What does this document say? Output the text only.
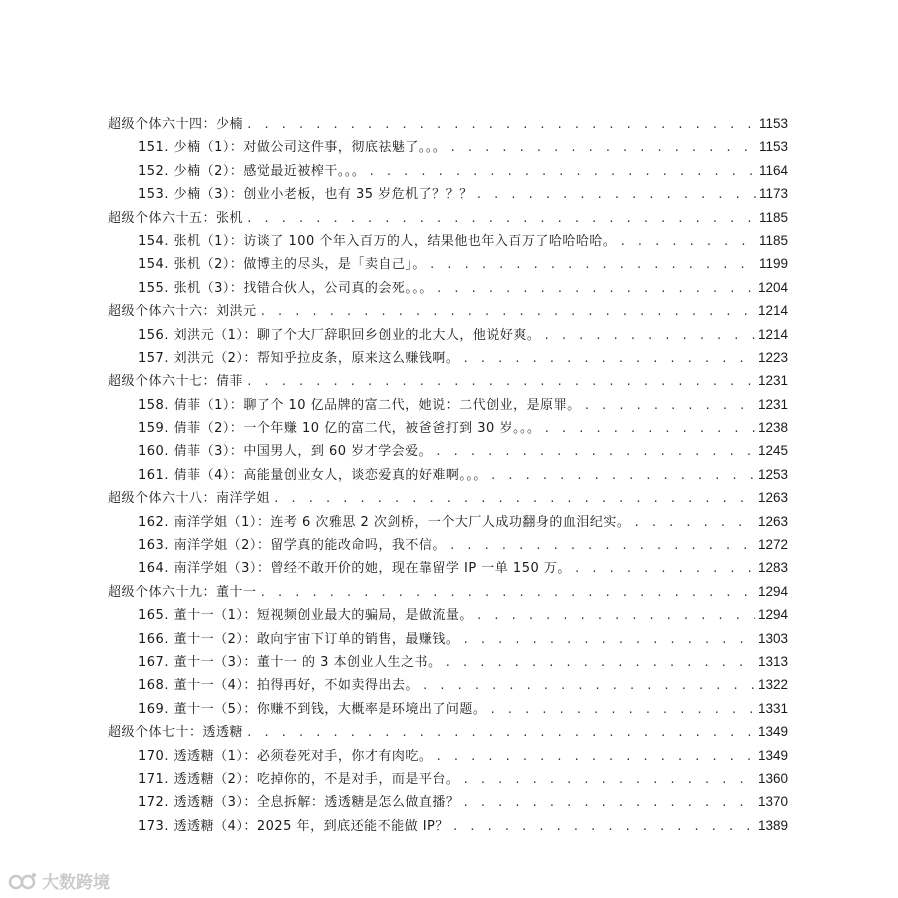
超级个体六十四：少楠 . . .	1153
151. 少楠（1）：对做公司这件事，彻底祛魅了。。。 . . .	1153
152. 少楠（2）：感觉最近被榨干。。。 . . .	1164
153. 少楠（3）：创业小老板，也有 35 岁危机了？？？ . . .	1173
超级个体六十五：张机 . . .	1185
154. 张机（1）：访谈了 100 个年入百万的人，结果他也年入百万了哈哈哈哈。 . . .	1185
154. 张机（2）：做博主的尽头，是「卖自己」。 . . .	1199
155. 张机（3）：找错合伙人，公司真的会死。。。 . . .	1204
超级个体六十六：刘洪元 . . .	1214
156. 刘洪元（1）：聊了个大厂辞职回乡创业的北大人，他说好爽。 . . .	1214
157. 刘洪元（2）：帮知乎拉皮条，原来这么赚钱啊。 . . .	1223
超级个体六十七：倩菲 . . .	1231
158. 倩菲（1）：聊了个 10 亿品牌的富二代，她说：二代创业，是原罪。 . . .	1231
159. 倩菲（2）：一个年赚 10 亿的富二代，被爸爸打到 30 岁。。。 . . .	1238
160. 倩菲（3）：中国男人，到 60 岁才学会爱。 . . .	1245
161. 倩菲（4）：高能量创业女人，谈恋爱真的好难啊。。。 . . .	1253
超级个体六十八：南洋学姐 . . .	1263
162. 南洋学姐（1）：连考 6 次雅思 2 次剑桥，一个大厂人成功翻身的血泪纪实。 . . .	1263
163. 南洋学姐（2）：留学真的能改命吗，我不信。 . . .	1272
164. 南洋学姐（3）：曾经不敢开价的她，现在靠留学 IP 一单 150 万。 . . .	1283
超级个体六十九：董十一 . . .	1294
165. 董十一（1）：短视频创业最大的骗局，是做流量。 . . .	1294
166. 董十一（2）：敢向宇宙下订单的销售，最赚钱。 . . .	1303
167. 董十一（3）：董十一 的 3 本创业人生之书。 . . .	1313
168. 董十一（4）：拍得再好，不如卖得出去。 . . .	1322
169. 董十一（5）：你赚不到钱，大概率是环境出了问题。 . . .	1331
超级个体七十：透透糖 . . .	1349
170. 透透糖（1）：必须卷死对手，你才有肉吃。 . . .	1349
171. 透透糖（2）：吃掉你的，不是对手，而是平台。 . . .	1360
172. 透透糖（3）：全息拆解：透透糖是怎么做直播？ . . .	1370
173. 透透糖（4）：2025 年，到底还能不能做 IP？ . . .	1389
大数跨境
